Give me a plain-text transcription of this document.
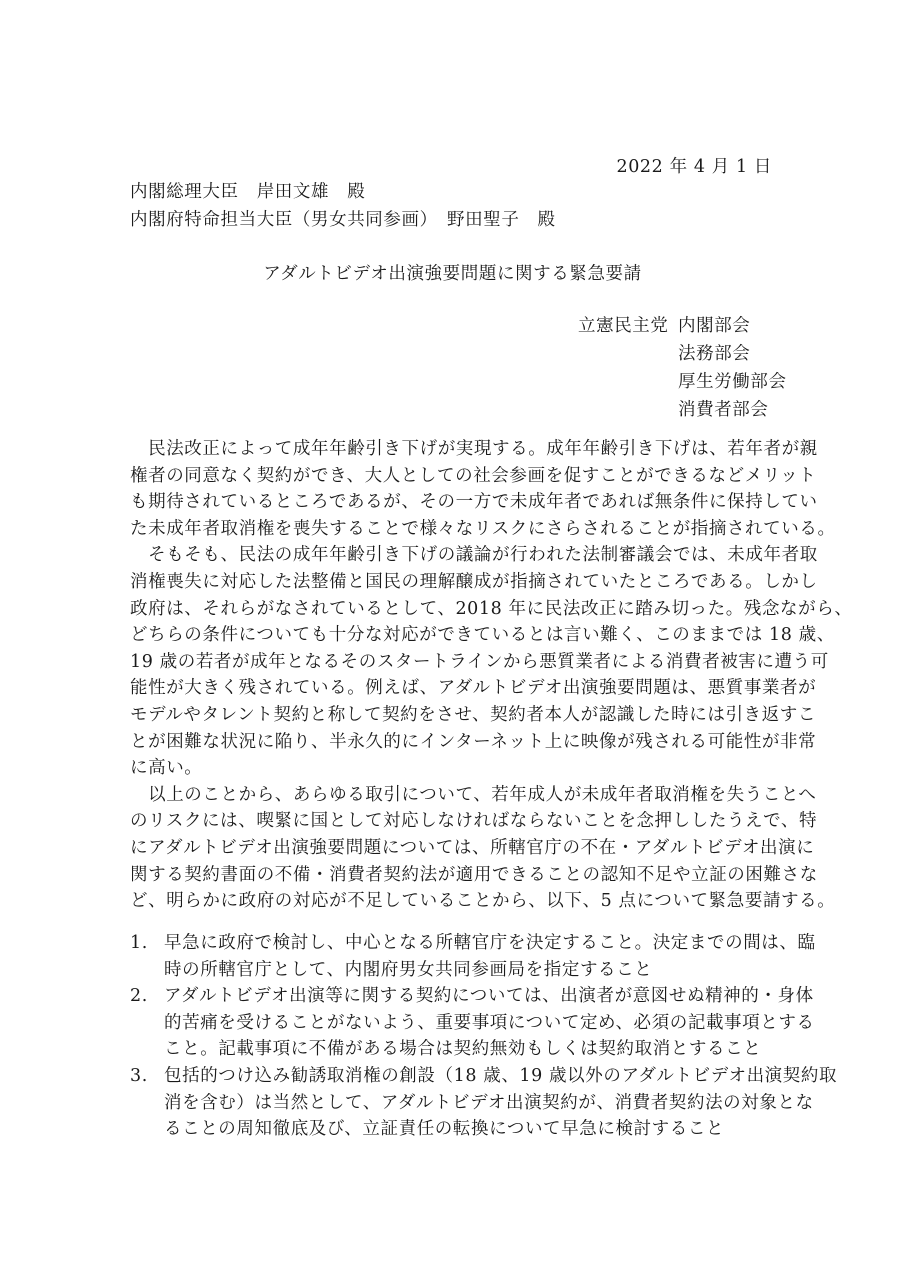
2022 年 4 月 1 日
内閣総理大臣　岸田文雄　殿
内閣府特命担当大臣（男女共同参画）　野田聖子　殿
アダルトビデオ出演強要問題に関する緊急要請
立憲民主党 内閣部会
法務部会
厚生労働部会
消費者部会
　民法改正によって成年年齢引き下げが実現する。成年年齢引き下げは、若年者が親
権者の同意なく契約ができ、大人としての社会参画を促すことができるなどメリット
も期待されているところであるが、その一方で未成年者であれば無条件に保持してい
た未成年者取消権を喪失することで様々なリスクにさらされることが指摘されている。
　そもそも、民法の成年年齢引き下げの議論が行われた法制審議会では、未成年者取
消権喪失に対応した法整備と国民の理解醸成が指摘されていたところである。しかし
政府は、それらがなされているとして、2018 年に民法改正に踏み切った。残念ながら、
どちらの条件についても十分な対応ができているとは言い難く、このままでは 18 歳、
19 歳の若者が成年となるそのスタートラインから悪質業者による消費者被害に遭う可
能性が大きく残されている。例えば、アダルトビデオ出演強要問題は、悪質事業者が
モデルやタレント契約と称して契約をさせ、契約者本人が認識した時には引き返すこ
とが困難な状況に陥り、半永久的にインターネット上に映像が残される可能性が非常
に高い。
　以上のことから、あらゆる取引について、若年成人が未成年者取消権を失うことへ
のリスクには、喫緊に国として対応しなければならないことを念押ししたうえで、特
にアダルトビデオ出演強要問題については、所轄官庁の不在・アダルトビデオ出演に
関する契約書面の不備・消費者契約法が適用できることの認知不足や立証の困難さな
ど、明らかに政府の対応が不足していることから、以下、5 点について緊急要請する。
1. 早急に政府で検討し、中心となる所轄官庁を決定すること。決定までの間は、臨
時の所轄官庁として、内閣府男女共同参画局を指定すること
2. アダルトビデオ出演等に関する契約については、出演者が意図せぬ精神的・身体
的苦痛を受けることがないよう、重要事項について定め、必須の記載事項とする
こと。記載事項に不備がある場合は契約無効もしくは契約取消とすること
3. 包括的つけ込み勧誘取消権の創設（18 歳、19 歳以外のアダルトビデオ出演契約取
消を含む）は当然として、アダルトビデオ出演契約が、消費者契約法の対象とな
ることの周知徹底及び、立証責任の転換について早急に検討すること
